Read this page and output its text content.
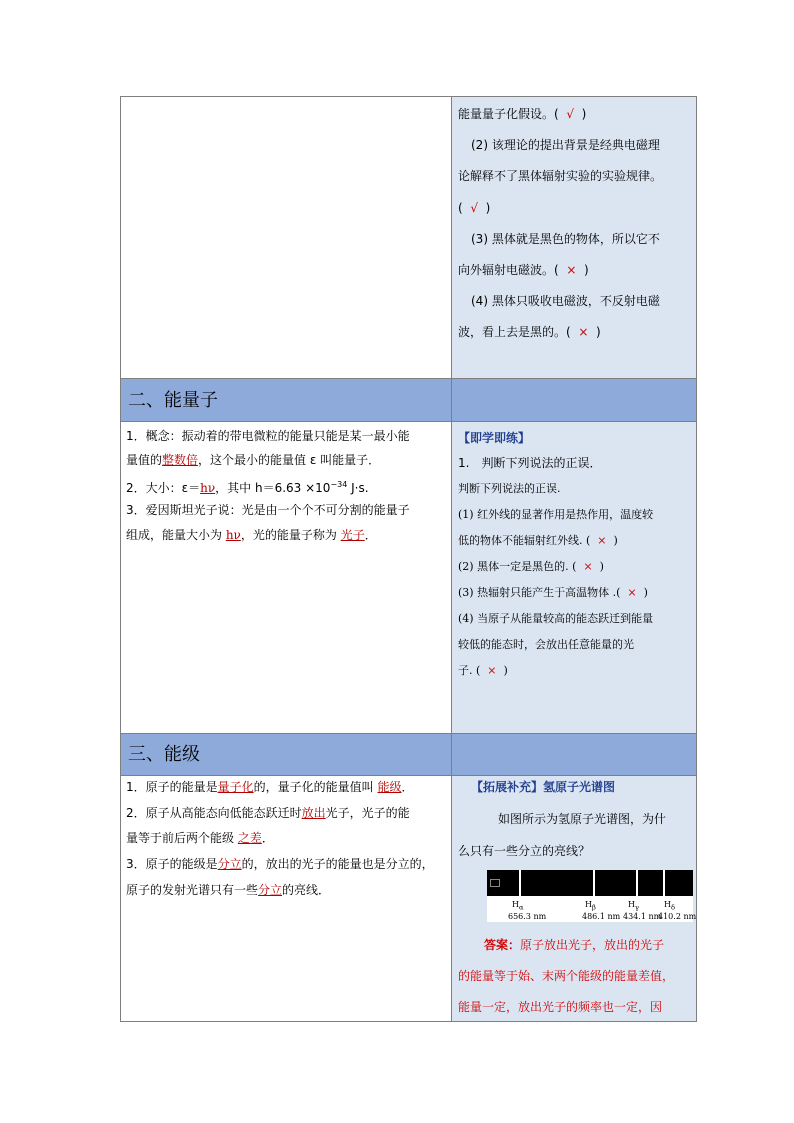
能量量子化假设。( √ )
(2) 该理论的提出背景是经典电磁理
论解释不了黑体辐射实验的实验规律。
( √ )
(3) 黑体就是黑色的物体，所以它不
向外辐射电磁波。( × )
(4) 黑体只吸收电磁波，不反射电磁
波，看上去是黑的。( × )
二、能量子
1．概念：振动着的带电微粒的能量只能是某一最小能
量值的整数倍，这个最小的能量值 ε 叫能量子．
2．大小：ε＝hν，其中 $h=6.63 \times 10^{-34}$ J·s.
3．爱因斯坦光子说：光是由一个个不可分割的能量子
组成，能量大小为 hν，光的能量子称为 光子．
【即学即练】
1.　判断下列说法的正误．
判断下列说法的正误.
(1) 红外线的显著作用是热作用，温度较
低的物体不能辐射红外线. ( × )
(2) 黑体一定是黑色的. ( × )
(3) 热辐射只能产生于高温物体 .( × )
(4) 当原子从能量较高的能态跃迁到能量
较低的能态时，会放出任意能量的光
子. ( × )
三、能级
1．原子的能量是量子化的，量子化的能量值叫 能级．
2．原子从高能态向低能态跃迁时放出光子，光子的能
量等于前后两个能级 之差．
3．原子的能级是分立的，放出的光子的能量也是分立的，
原子的发射光谱只有一些分立的亮线．
【拓展补充】氢原子光谱图
如图所示为氢原子光谱图，为什
么只有一些分立的亮线？
$H_\alpha$
656.3 nm
$H_\beta$
486.1 nm
$H_\gamma$
434.1 nm
$H_\delta$
410.2 nm
答案：原子放出光子，放出的光子
的能量等于始、末两个能级的能量差值，
能量一定，放出光子的频率也一定，因
